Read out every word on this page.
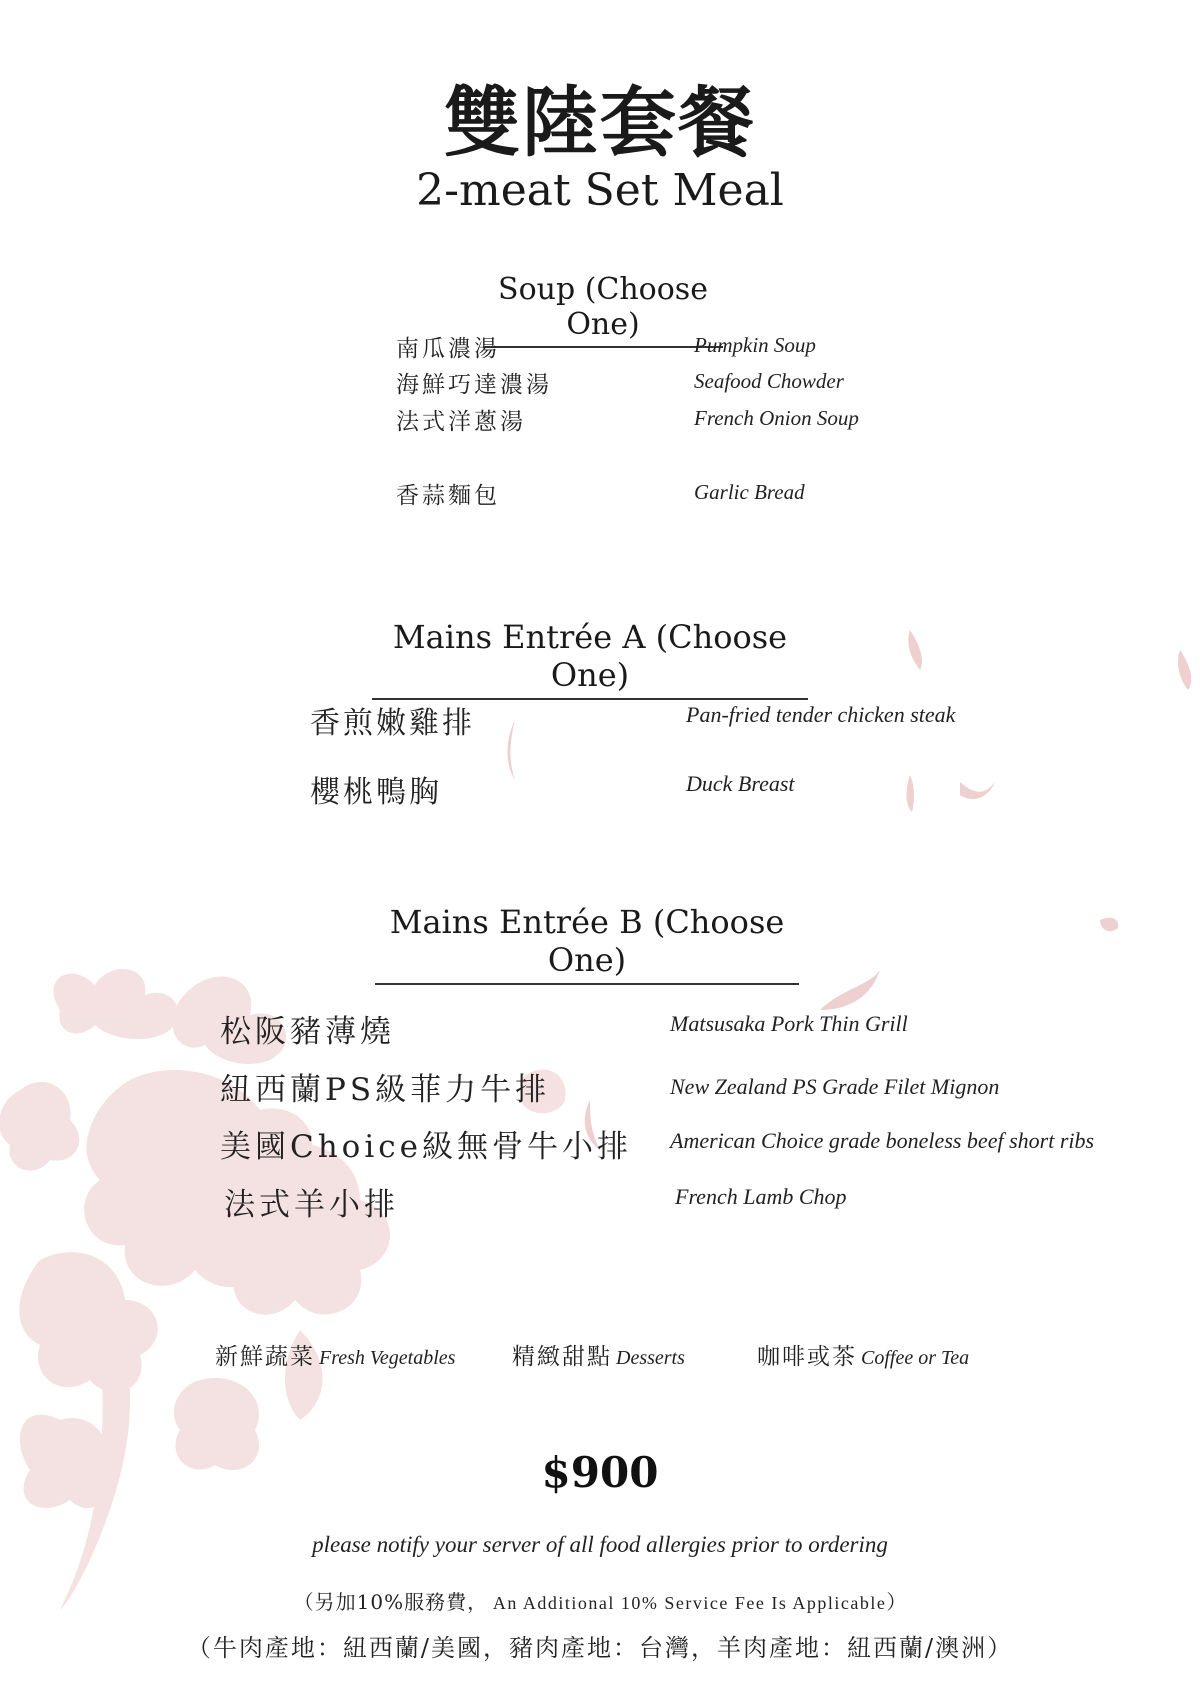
雙陸套餐
2-meat Set Meal
Soup (Choose One)
南瓜濃湯	Pumpkin Soup
海鮮巧達濃湯	Seafood Chowder
法式洋蔥湯	French Onion Soup
香蒜麵包	Garlic Bread
Mains Entrée A (Choose One)
香煎嫩雞排	Pan-fried tender chicken steak
櫻桃鴨胸	Duck Breast
Mains Entrée B (Choose One)
松阪豬薄燒	Matsusaka Pork Thin Grill
紐西蘭PS級菲力牛排	New Zealand PS Grade Filet Mignon
美國Choice級無骨牛小排 American Choice grade boneless beef short ribs
法式羊小排	French Lamb Chop
新鮮蔬菜 Fresh Vegetables 精緻甜點 Desserts	咖啡或茶 Coffee or Tea
$900
please notify your server of all food allergies prior to ordering
（另加10%服務費， An Additional 10% Service Fee Is Applicable）
（牛肉產地：紐西蘭/美國，豬肉產地：台灣，羊肉產地：紐西蘭/澳洲）
